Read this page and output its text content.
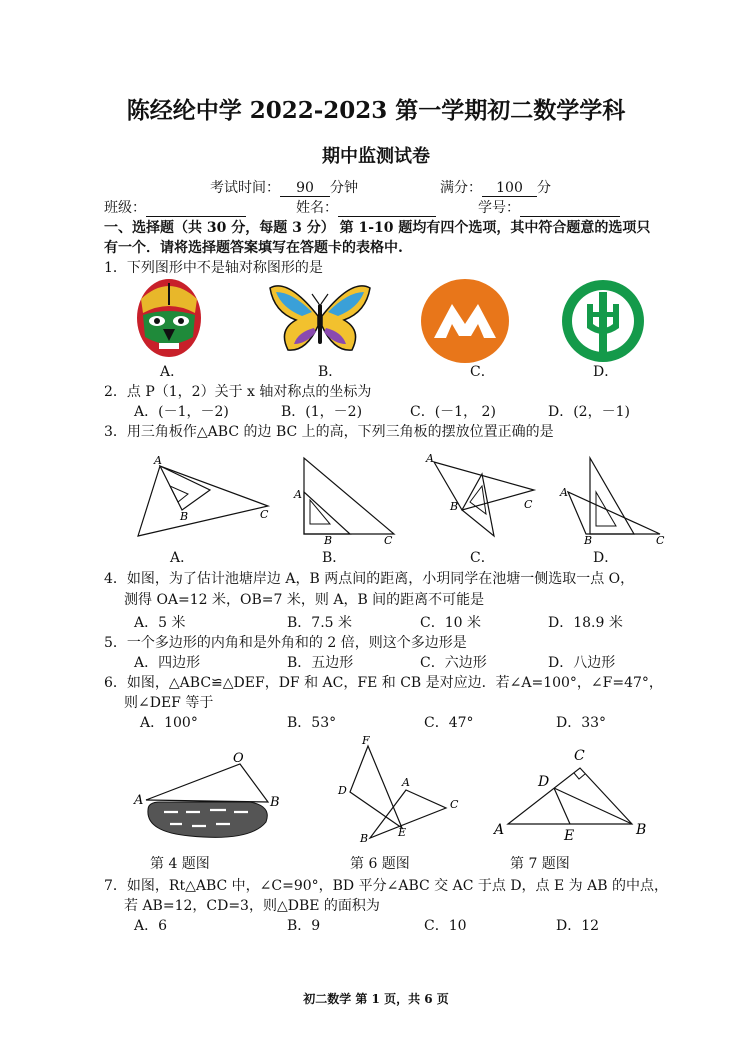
陈经纶中学 2022-2023 第一学期初二数学学科
期中监测试卷
考试时间： 90 分钟	满分： 100 分
班级：	姓名：	学号：
一、选择题（共 30 分，每题 3 分） 第 1-10 题均有四个选项，其中符合题意的选项只
有一个．请将选择题答案填写在答题卡的表格中.
1．下列图形中不是轴对称图形的是
A．	B．	C．	D．
2．点 P（1，2）关于 x 轴对称点的坐标为
A．(－1，－2)	B．(1，－2)	C．(－1， 2)	D．(2，－1)
3．用三角板作△ABC 的边 BC 上的高，下列三角板的摆放位置正确的是
A
B	C
A
B	C
A
B	C
A
B	C
A．	B．	C．	D．
4．如图，为了估计池塘岸边 A，B 两点间的距离，小玥同学在池塘一侧选取一点 O，
测得 OA=12 米，OB=7 米，则 A，B 间的距离不可能是
A．5 米	B．7.5 米	C．10 米	D．18.9 米
5．一个多边形的内角和是外角和的 2 倍，则这个多边形是
A．四边形	B．五边形	C．六边形	D．八边形
6．如图，△ABC≌△DEF，DF 和 AC，FE 和 CB 是对应边．若∠A=100°，∠F=47°，
则∠DEF 等于
A．100°	B．53°	C．47°	D．33°
O
A	B
F
A
D
C
B	E
C
D
A	E	B
第 4 题图	第 6 题图	第 7 题图
7．如图，Rt△ABC 中，∠C=90°，BD 平分∠ABC 交 AC 于点 D，点 E 为 AB 的中点，
若 AB=12，CD=3，则△DBE 的面积为
A．6	B．9	C．10	D．12
初二数学 第 1 页，共 6 页
